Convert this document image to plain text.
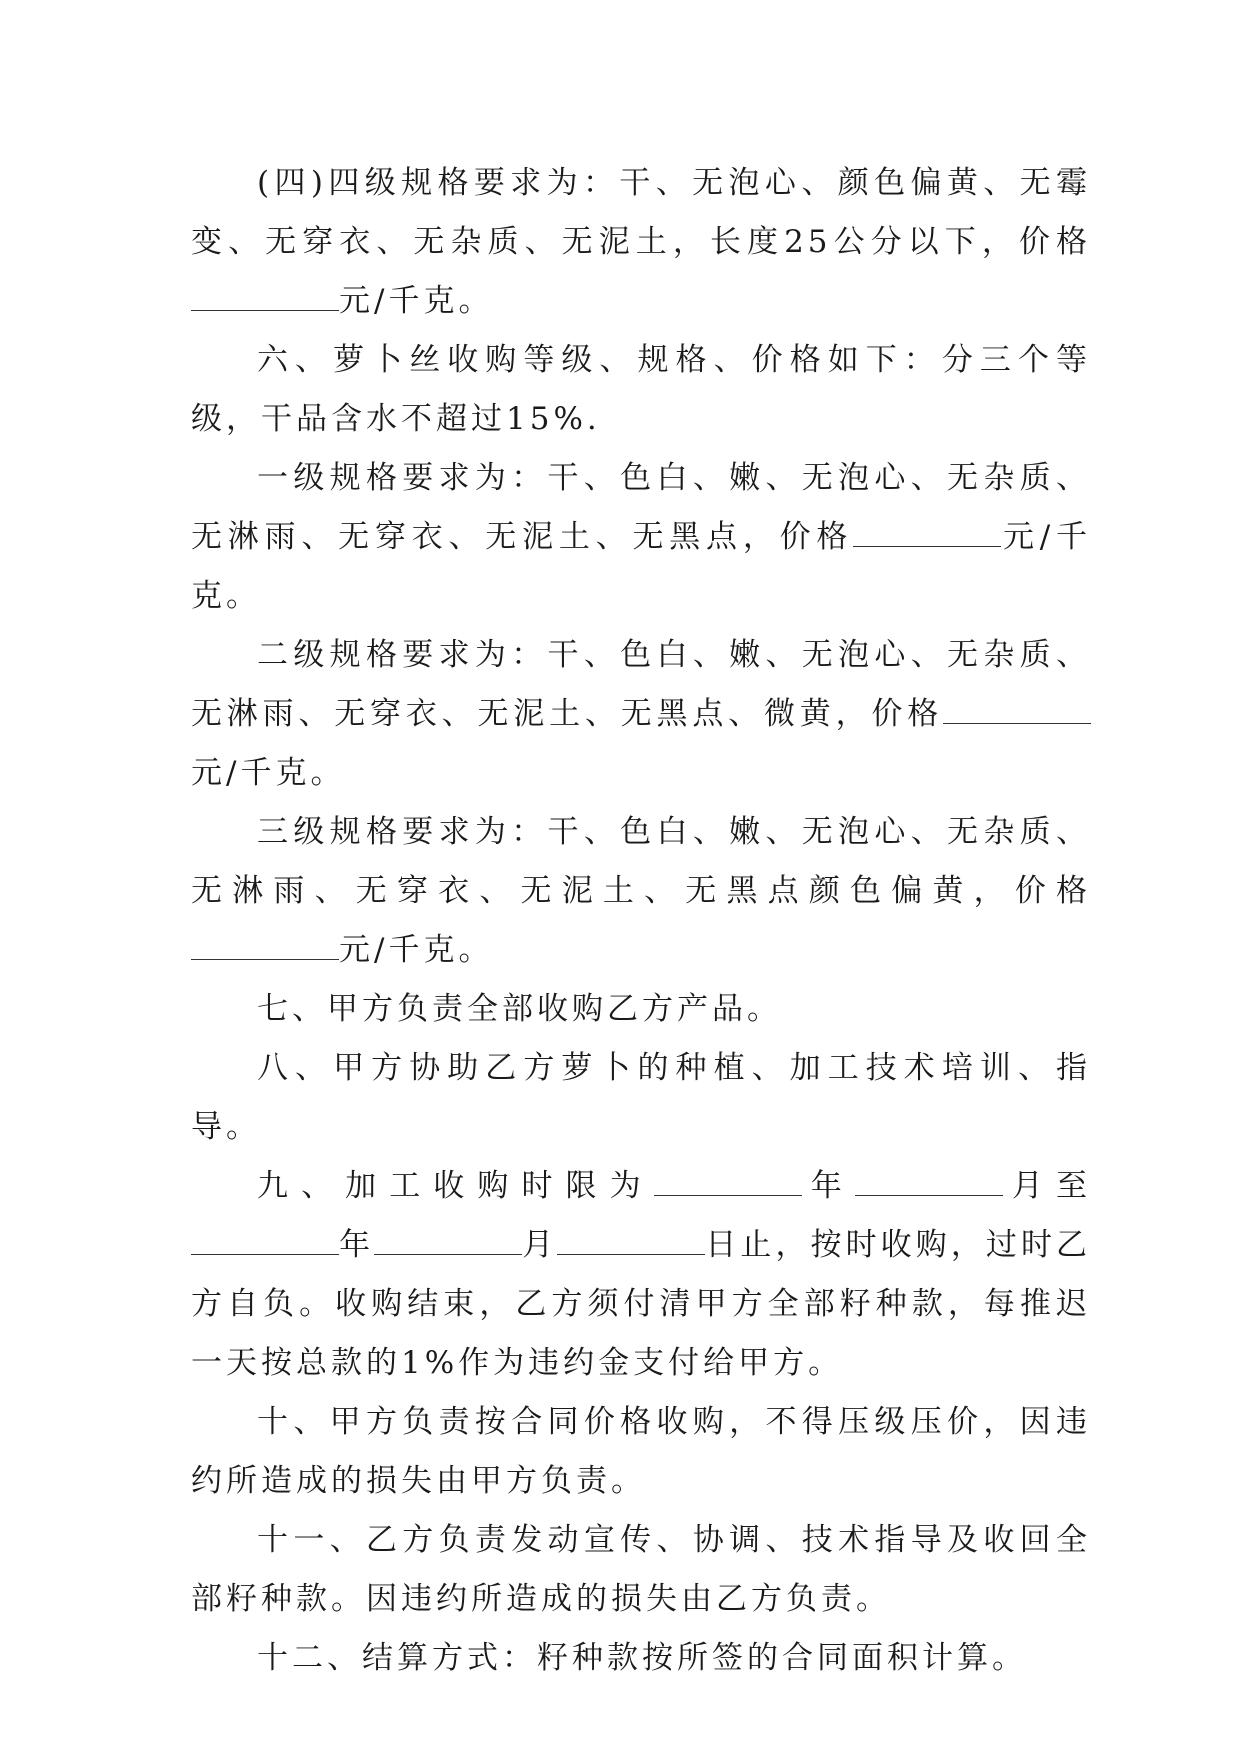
(四)四级规格要求为：干、无泡心、颜色偏黄、无霉变、无穿衣、无杂质、无泥土，长度25公分以下，价格元/千克。

六、萝卜丝收购等级、规格、价格如下：分三个等级，干品含水不超过15%.

一级规格要求为：干、色白、嫩、无泡心、无杂质、无淋雨、无穿衣、无泥土、无黑点，价格	元/千克。

二级规格要求为：干、色白、嫩、无泡心、无杂质、无淋雨、无穿衣、无泥土、无黑点、微黄，价格元/千克。

三级规格要求为：干、色白、嫩、无泡心、无杂质、无淋雨、无穿衣、无泥土、无黑点颜色偏黄，价格元/千克。

七、甲方负责全部收购乙方产品。

八、甲方协助乙方萝卜的种植、加工技术培训、指导。

九、加工收购时限为	年	月至年	月	日止，按时收购，过时乙方自负。收购结束，乙方须付清甲方全部籽种款，每推迟一天按总款的1%作为违约金支付给甲方。

十、甲方负责按合同价格收购，不得压级压价，因违约所造成的损失由甲方负责。

十一、乙方负责发动宣传、协调、技术指导及收回全部籽种款。因违约所造成的损失由乙方负责。

十二、结算方式：籽种款按所签的合同面积计算。
